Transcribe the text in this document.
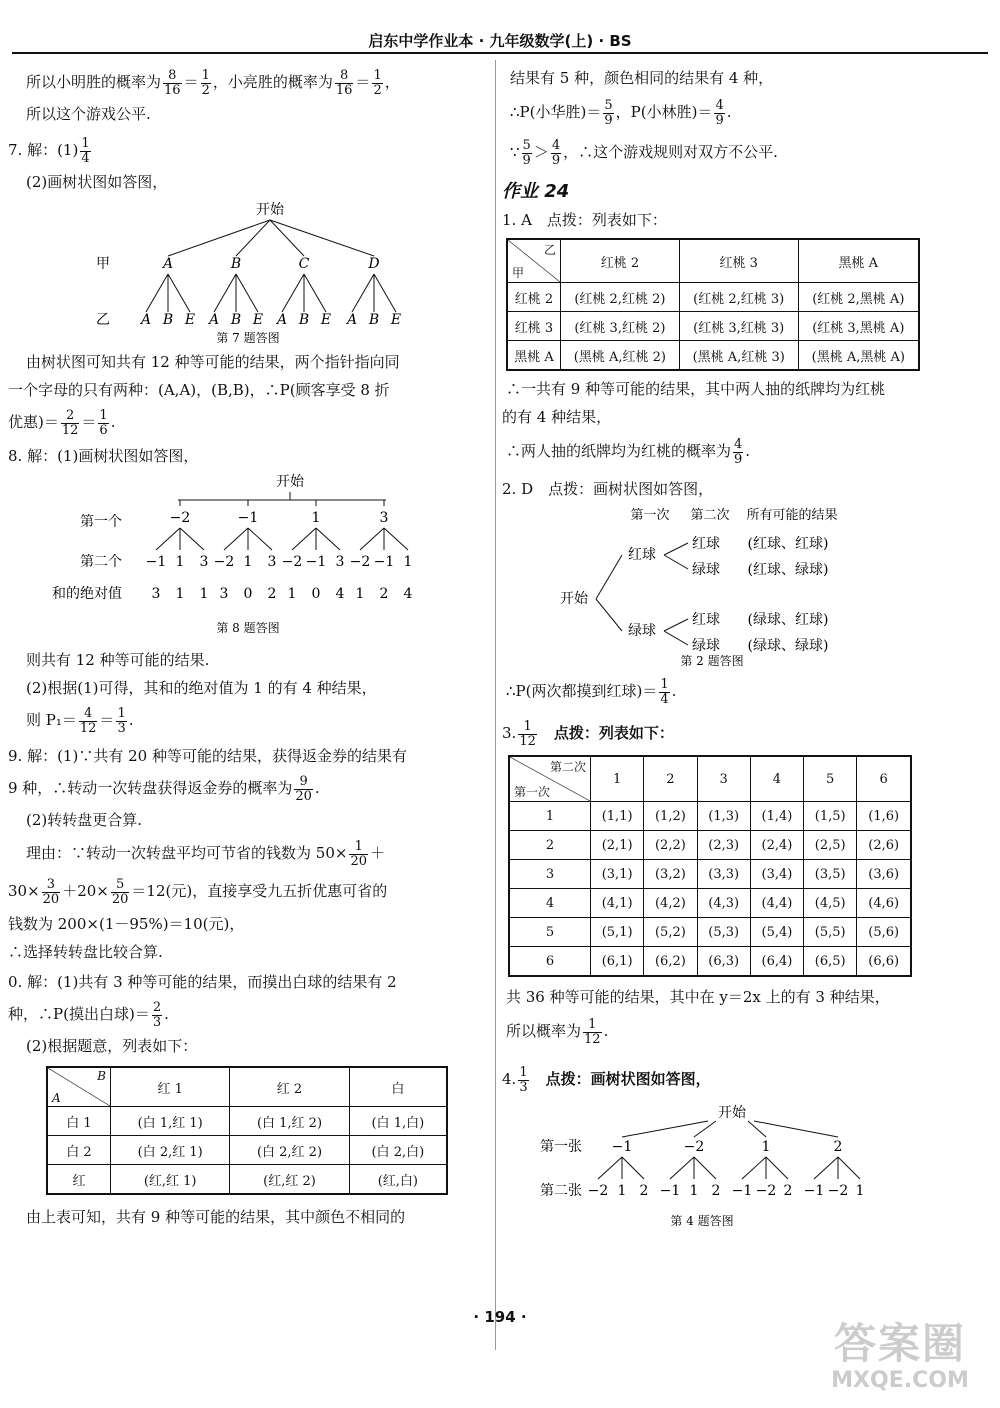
启东中学作业本 · 九年级数学(上) · BS

所以小明胜的概率为 $\frac{8}{16} = \frac{1}{2}$ ，小亮胜的概率为 $\frac{8}{16} = \frac{1}{2}$ ，

所以这个游戏公平.

7. 解：$(1) \frac{1}{4}$

(2)画树状图如答图，

开始
A
A B E
B
A B E
C
A B E
D
A B E
甲
乙
第 7 题答图

由树状图可知共有 12 种等可能的结果，两个指针指向同

一个字母的只有两种：(A,A)，(B,B)，∴P(顾客享受 8 折

优惠)＝ $\frac{2}{12} = \frac{1}{6}$ .

8. 解：(1)画树状图如答图，

开始
−2
−1 1 3
−1
−2 1 3
1
−2 −1 3
3
−2 −1 1
第一个
第二个
和的绝对值 3 1 1 3 0 2 1 0 4 1 2 4
第 8 题答图

则共有 12 种等可能的结果.

(2)根据(1)可得，其和的绝对值为 1 的有 4 种结果，

则 $P_1= \frac{4}{12} = \frac{1}{3}$ .

9. 解：(1)∵共有 20 种等可能的结果，获得返金券的结果有

9 种，∴转动一次转盘获得返金券的概率为 $\frac{9}{20}$ .

(2)转转盘更合算.

理由：∵转动一次转盘平均可节省的钱数为 $50\times \frac{1}{20}$ ＋

$30\times \frac{3}{20} +20\times \frac{5}{20} =12$(元)，直接享受九五折优惠可省的

钱数为 200×(1－95%)＝10(元)，

∴选择转转盘比较合算.

0. 解：(1)共有 3 种等可能的结果，而摸出白球的结果有 2

种，∴P(摸出白球)＝ $\frac{2}{3}$ .

(2)根据题意，列表如下：

B
A	红 1	红 2	白
白 1	(白 1,红 1)	(白 1,红 2)	(白 1,白)
白 2	(白 2,红 1)	(白 2,红 2)	(白 2,白)
红	(红,红 1)	(红,红 2)	(红,白)

由上表可知，共有 9 种等可能的结果，其中颜色不相同的

结果有 5 种，颜色相同的结果有 4 种，

∴P(小华胜)＝ $\frac{5}{9}$ ，P(小林胜)＝ $\frac{4}{9}$ .

∵ $\frac{5}{9} > \frac{4}{9}$ ，∴这个游戏规则对双方不公平.

作业 24

1. A　点拨：列表如下：

乙
甲	红桃 2	红桃 3	黑桃 A
红桃 2	(红桃 2,红桃 2)	(红桃 2,红桃 3)	(红桃 2,黑桃 A)
红桃 3	(红桃 3,红桃 2)	(红桃 3,红桃 3)	(红桃 3,黑桃 A)
黑桃 A	(黑桃 A,红桃 2)	(黑桃 A,红桃 3)	(黑桃 A,黑桃 A)

∴一共有 9 种等可能的结果，其中两人抽的纸牌均为红桃

的有 4 种结果，

∴两人抽的纸牌均为红桃的概率为 $\frac{4}{9}$ .

2. D　点拨：画树状图如答图，

第一次 第二次 所有可能的结果
开始
红球
红球 (红球、红球)
绿球 (红球、绿球)
绿球
红球 (绿球、红球)
绿球 (绿球、绿球)
第 2 题答图

∴P(两次都摸到红球)＝ $\frac{1}{4}$ .

3. $\frac{1}{12}$
　 点拨：列表如下：

第二次
第一次	1	2	3	4	5	6
1	(1,1)	(1,2)	(1,3)	(1,4)	(1,5)	(1,6)
2	(2,1)	(2,2)	(2,3)	(2,4)	(2,5)	(2,6)
3	(3,1)	(3,2)	(3,3)	(3,4)	(3,5)	(3,6)
4	(4,1)	(4,2)	(4,3)	(4,4)	(4,5)	(4,6)
5	(5,1)	(5,2)	(5,3)	(5,4)	(5,5)	(5,6)
6	(6,1)	(6,2)	(6,3)	(6,4)	(6,5)	(6,6)

共 36 种等可能的结果，其中在 y＝2x 上的有 3 种结果，

所以概率为 $\frac{1}{12}$ .

4. $\frac{1}{3}$
　 点拨：画树状图如答图，

开始
−1
−2 1 2
−2
−1 1 2
1
−1 −2 2
2
−1 −2 1
第一张
第二张
第 4 题答图
· 194 ·
答案圈
MXQE.COM
